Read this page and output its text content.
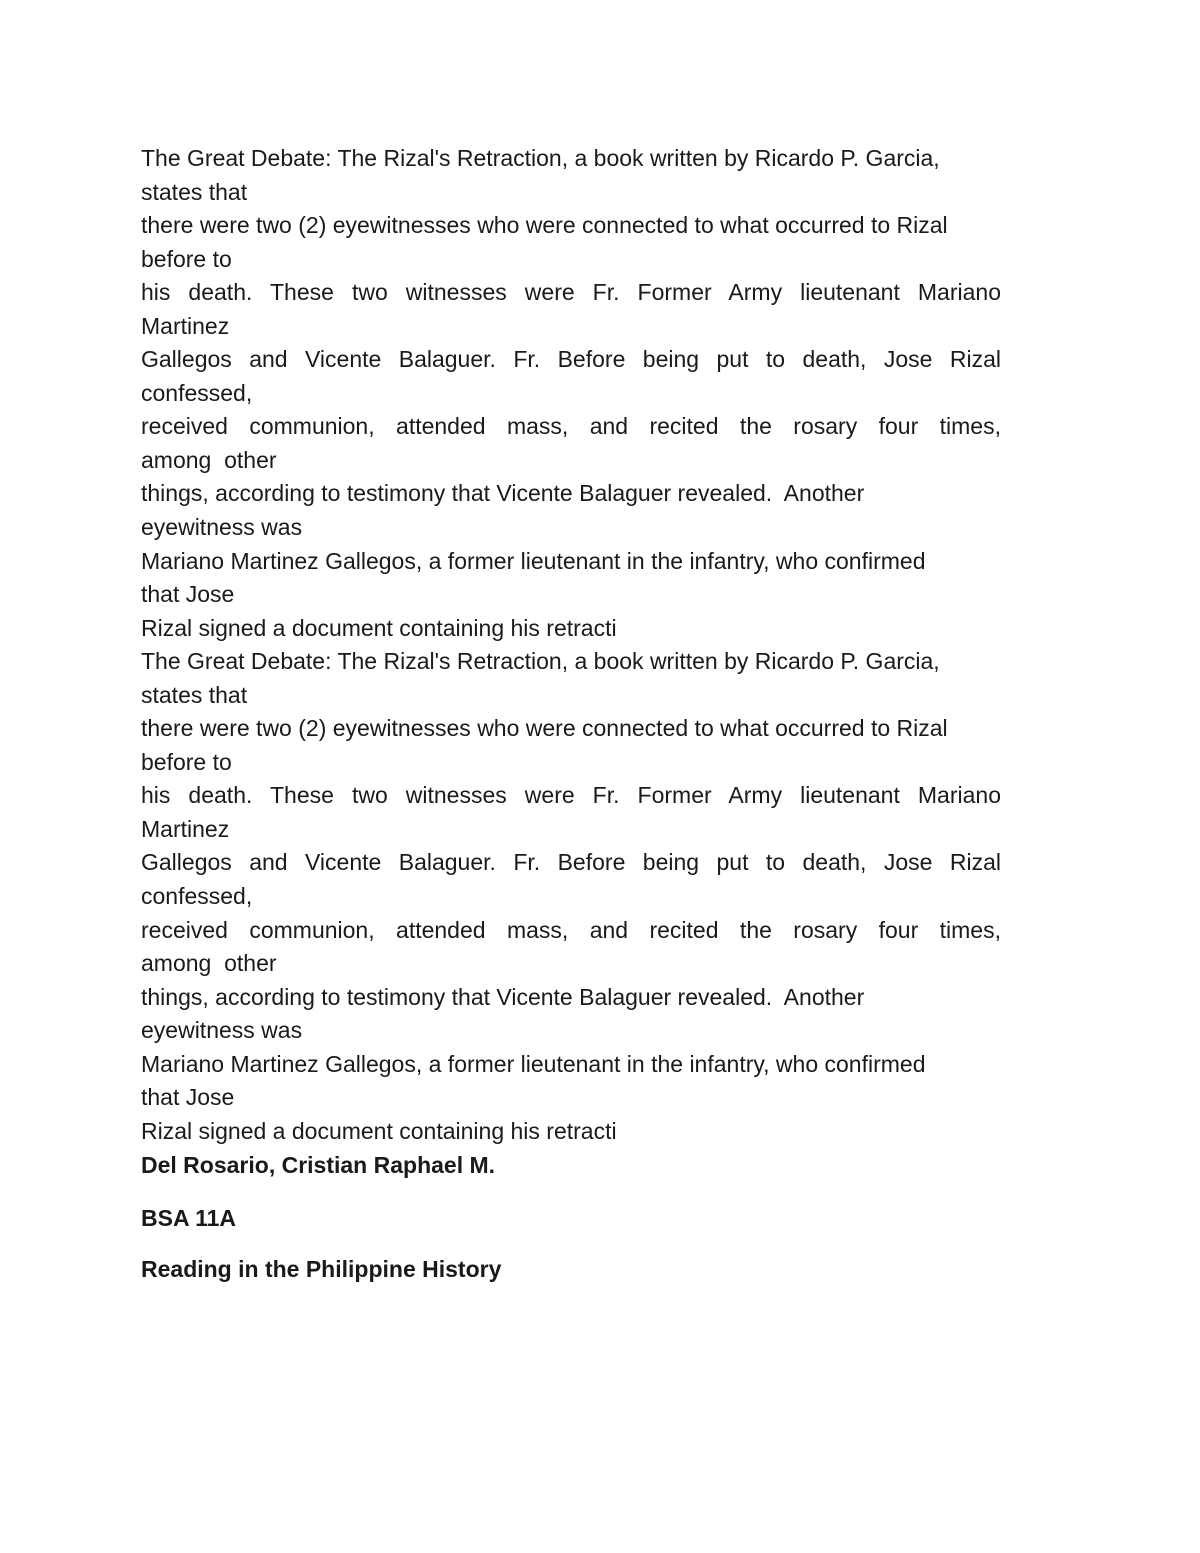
The Great Debate: The Rizal's Retraction, a book written by Ricardo P. Garcia,
states that
there were two (2) eyewitnesses who were connected to what occurred to Rizal
before to
his death. These two witnesses were Fr. Former Army lieutenant Mariano
Martinez
Gallegos and Vicente Balaguer. Fr. Before being put to death, Jose Rizal
confessed,
received communion, attended mass, and recited the rosary four times,
among  other
things, according to testimony that Vicente Balaguer revealed.  Another
eyewitness was
Mariano Martinez Gallegos, a former lieutenant in the infantry, who confirmed
that Jose
Rizal signed a document containing his retracti
The Great Debate: The Rizal's Retraction, a book written by Ricardo P. Garcia,
states that
there were two (2) eyewitnesses who were connected to what occurred to Rizal
before to
his death. These two witnesses were Fr. Former Army lieutenant Mariano
Martinez
Gallegos and Vicente Balaguer. Fr. Before being put to death, Jose Rizal
confessed,
received communion, attended mass, and recited the rosary four times,
among  other
things, according to testimony that Vicente Balaguer revealed.  Another
eyewitness was
Mariano Martinez Gallegos, a former lieutenant in the infantry, who confirmed
that Jose
Rizal signed a document containing his retracti
Del Rosario, Cristian Raphael M.
BSA 11A
Reading in the Philippine History
